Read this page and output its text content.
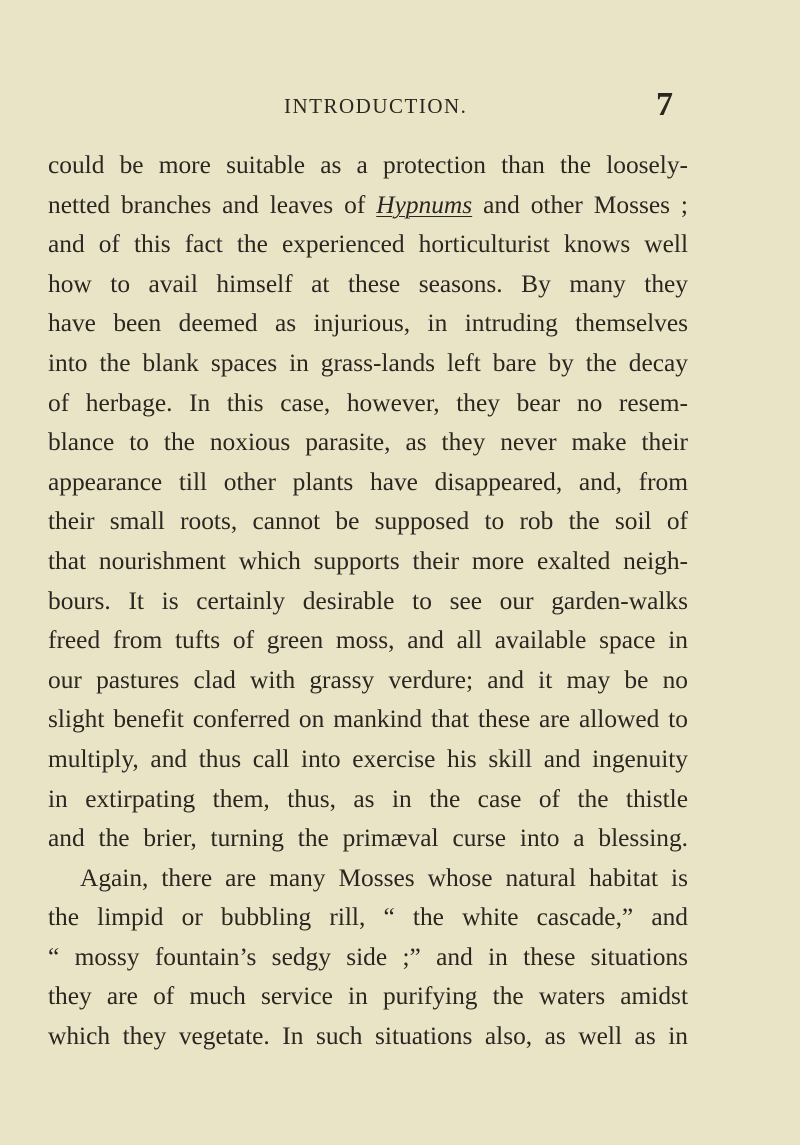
INTRODUCTION.	7
could be more suitable as a protection than the loosely-
netted branches and leaves of Hypnums and other Mosses ;
and of this fact the experienced horticulturist knows well
how to avail himself at these seasons. By many they
have been deemed as injurious, in intruding themselves
into the blank spaces in grass-lands left bare by the decay
of herbage. In this case, however, they bear no resem-
blance to the noxious parasite, as they never make their
appearance till other plants have disappeared, and, from
their small roots, cannot be supposed to rob the soil of
that nourishment which supports their more exalted neigh-
bours. It is certainly desirable to see our garden-walks
freed from tufts of green moss, and all available space in
our pastures clad with grassy verdure; and it may be no
slight benefit conferred on mankind that these are allowed to
multiply, and thus call into exercise his skill and ingenuity
in extirpating them, thus, as in the case of the thistle
and the brier, turning the primæval curse into a blessing.
Again, there are many Mosses whose natural habitat is
the limpid or bubbling rill, “ the white cascade,” and
“ mossy fountain’s sedgy side ;” and in these situations
they are of much service in purifying the waters amidst
which they vegetate. In such situations also, as well as in
